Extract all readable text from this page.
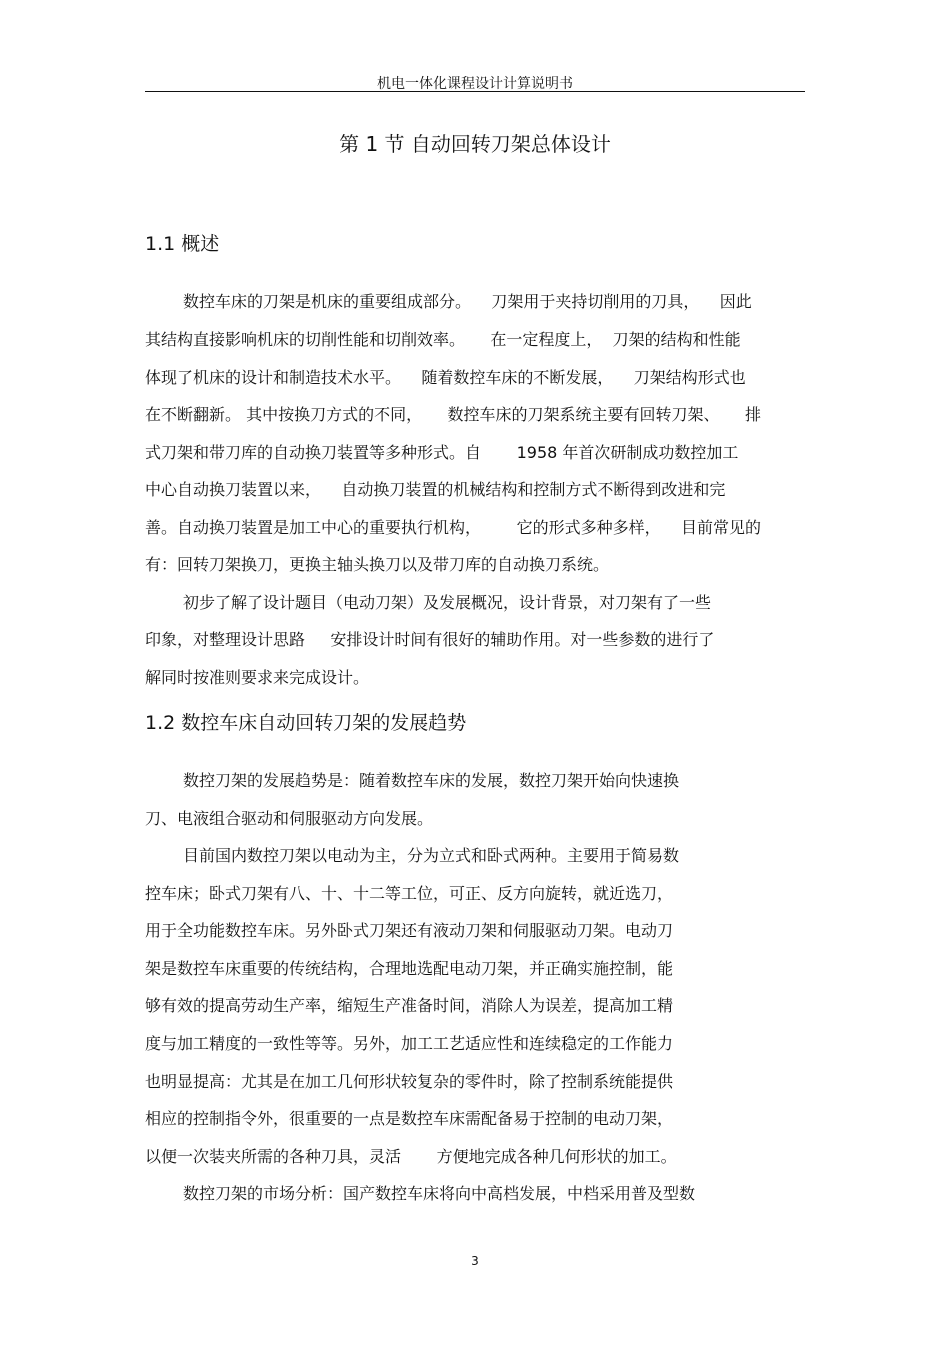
机电一体化课程设计计算说明书
第 1 节 自动回转刀架总体设计
1.1 概述
数控车床的刀架是机床的重要组成部分。    刀架用于夹持切削用的刀具，    因此
其结构直接影响机床的切削性能和切削效率。     在一定程度上，  刀架的结构和性能
体现了机床的设计和制造技术水平。    随着数控车床的不断发展，    刀架结构形式也
在不断翻新。 其中按换刀方式的不同，     数控车床的刀架系统主要有回转刀架、     排
式刀架和带刀库的自动换刀装置等多种形式。自       1958 年首次研制成功数控加工
中心自动换刀装置以来，    自动换刀装置的机械结构和控制方式不断得到改进和完
善。自动换刀装置是加工中心的重要执行机构，       它的形式多种多样，    目前常见的
有：回转刀架换刀，更换主轴头换刀以及带刀库的自动换刀系统。
初步了解了设计题目（电动刀架）及发展概况，设计背景，对刀架有了一些
印象，对整理设计思路     安排设计时间有很好的辅助作用。对一些参数的进行了
解同时按准则要求来完成设计。
1.2 数控车床自动回转刀架的发展趋势
数控刀架的发展趋势是：随着数控车床的发展，数控刀架开始向快速换
刀、电液组合驱动和伺服驱动方向发展。
目前国内数控刀架以电动为主，分为立式和卧式两种。主要用于简易数
控车床；卧式刀架有八、十、十二等工位，可正、反方向旋转，就近选刀，
用于全功能数控车床。另外卧式刀架还有液动刀架和伺服驱动刀架。电动刀
架是数控车床重要的传统结构，合理地选配电动刀架，并正确实施控制，能
够有效的提高劳动生产率，缩短生产准备时间，消除人为误差，提高加工精
度与加工精度的一致性等等。另外，加工工艺适应性和连续稳定的工作能力
也明显提高：尤其是在加工几何形状较复杂的零件时，除了控制系统能提供
相应的控制指令外，很重要的一点是数控车床需配备易于控制的电动刀架，
以便一次装夹所需的各种刀具，灵活       方便地完成各种几何形状的加工。
数控刀架的市场分析：国产数控车床将向中高档发展，中档采用普及型数
3
